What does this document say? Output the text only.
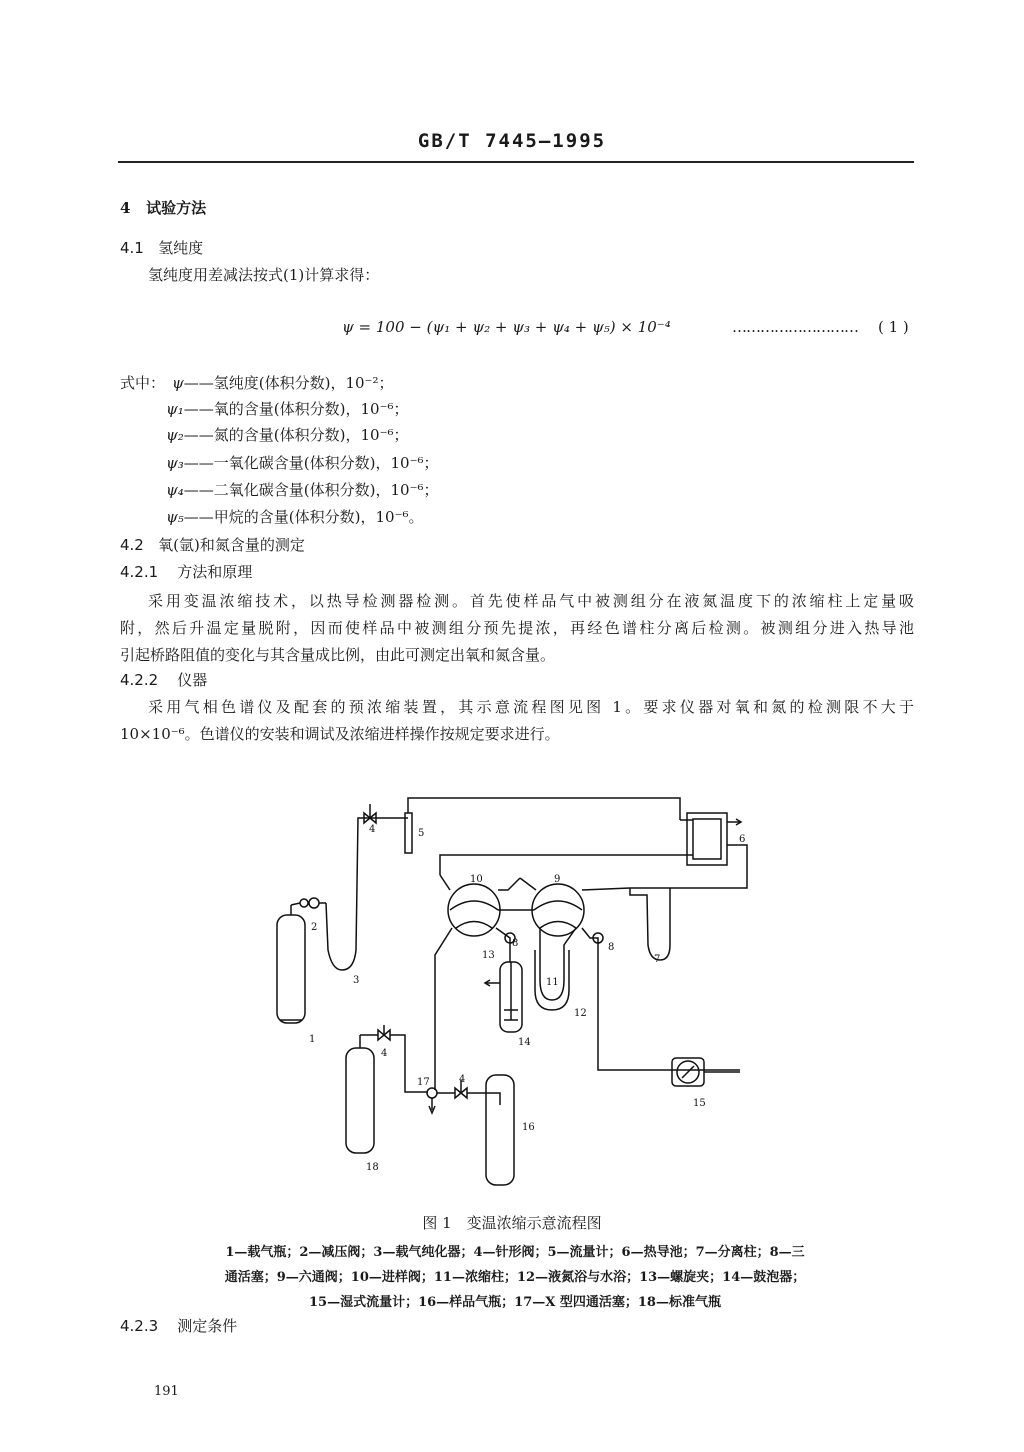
GB/T 7445—1995
4 试验方法
4.1 氢纯度
氢纯度用差减法按式(1)计算求得：
ψ = 100 − (ψ₁ + ψ₂ + ψ₃ + ψ₄ + ψ₅) × 10⁻⁴	……………………… ( 1 )
式中： ψ——氢纯度(体积分数)，10⁻²；
ψ₁——氧的含量(体积分数)，10⁻⁶；
ψ₂——氮的含量(体积分数)，10⁻⁶；
ψ₃——一氧化碳含量(体积分数)，10⁻⁶；
ψ₄——二氧化碳含量(体积分数)，10⁻⁶；
ψ₅——甲烷的含量(体积分数)，10⁻⁶。
4.2 氧(氩)和氮含量的测定
4.2.1 方法和原理
采用变温浓缩技术，以热导检测器检测。首先使样品气中被测组分在液氮温度下的浓缩柱上定量吸
附，然后升温定量脱附，因而使样品中被测组分预先提浓，再经色谱柱分离后检测。被测组分进入热导池
引起桥路阻值的变化与其含量成比例，由此可测定出氧和氮含量。
4.2.2 仪器
采用气相色谱仪及配套的预浓缩装置，其示意流程图见图 1。要求仪器对氧和氮的检测限不大于
10×10⁻⁶。色谱仪的安装和调试及浓缩进样操作按规定要求进行。
1
2
3
4
4
4
5
6
7
8	8
9
10
11
12
13
14
15
16
17
18
图 1　变温浓缩示意流程图
1—载气瓶；2—减压阀；3—载气纯化器；4—针形阀；5—流量计；6—热导池；7—分离柱；8—三
通活塞；9—六通阀；10—进样阀；11—浓缩柱；12—液氮浴与水浴；13—螺旋夹；14—鼓泡器；
15—湿式流量计；16—样品气瓶；17—X 型四通活塞；18—标准气瓶
4.2.3 测定条件
191
